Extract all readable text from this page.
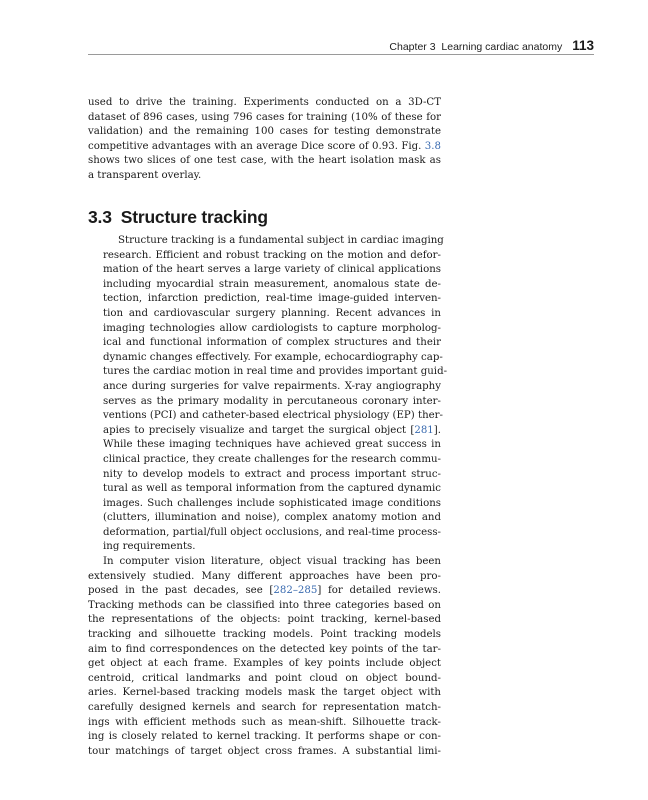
Chapter 3 Learning cardiac anatomy 113

used to drive the training. Experiments conducted on a 3D-CT
dataset of 896 cases, using 796 cases for training (10% of these for
validation) and the remaining 100 cases for testing demonstrate
competitive advantages with an average Dice score of 0.93. Fig. 3.8
shows two slices of one test case, with the heart isolation mask as
a transparent overlay.

3.3 Structure tracking

Structure tracking is a fundamental subject in cardiac imaging
research. Efficient and robust tracking on the motion and defor-
mation of the heart serves a large variety of clinical applications
including myocardial strain measurement, anomalous state de-
tection, infarction prediction, real-time image-guided interven-
tion and cardiovascular surgery planning. Recent advances in
imaging technologies allow cardiologists to capture morpholog-
ical and functional information of complex structures and their
dynamic changes effectively. For example, echocardiography cap-
tures the cardiac motion in real time and provides important guid-
ance during surgeries for valve repairments. X-ray angiography
serves as the primary modality in percutaneous coronary inter-
ventions (PCI) and catheter-based electrical physiology (EP) ther-
apies to precisely visualize and target the surgical object [281].
While these imaging techniques have achieved great success in
clinical practice, they create challenges for the research commu-
nity to develop models to extract and process important struc-
tural as well as temporal information from the captured dynamic
images. Such challenges include sophisticated image conditions
(clutters, illumination and noise), complex anatomy motion and
deformation, partial/full object occlusions, and real-time process-
ing requirements.

In computer vision literature, object visual tracking has been
extensively studied. Many different approaches have been pro-
posed in the past decades, see [282–285] for detailed reviews.
Tracking methods can be classified into three categories based on
the representations of the objects: point tracking, kernel-based
tracking and silhouette tracking models. Point tracking models
aim to find correspondences on the detected key points of the tar-
get object at each frame. Examples of key points include object
centroid, critical landmarks and point cloud on object bound-
aries. Kernel-based tracking models mask the target object with
carefully designed kernels and search for representation match-
ings with efficient methods such as mean-shift. Silhouette track-
ing is closely related to kernel tracking. It performs shape or con-
tour matchings of target object cross frames. A substantial limi-
